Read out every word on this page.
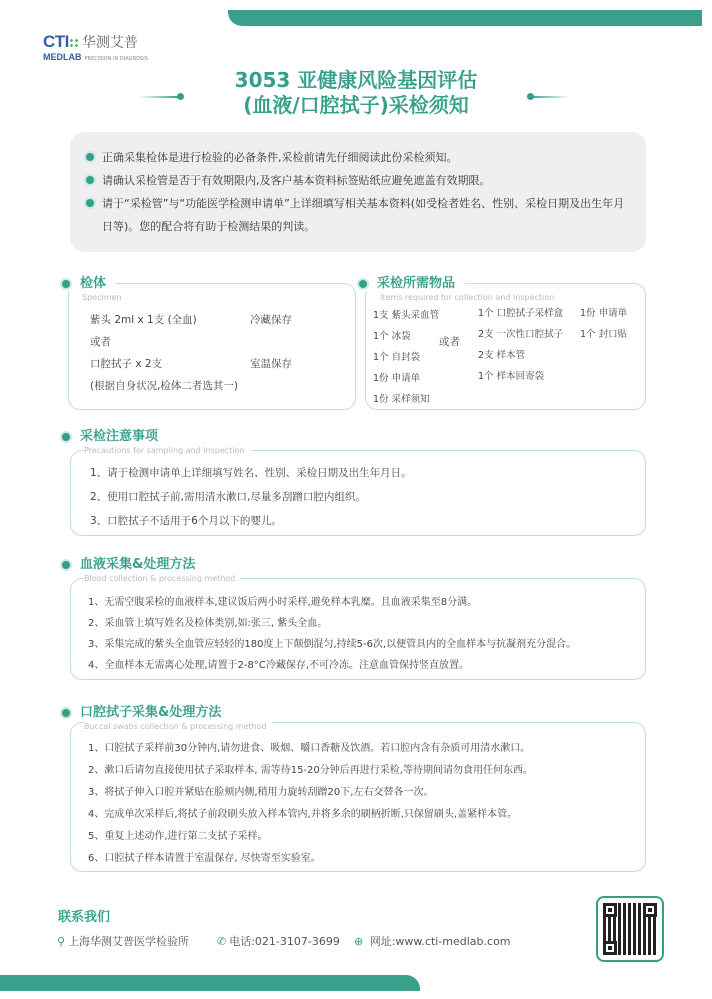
CTI 华测艾普
MEDLAB PRECISION IN DIAGNOSIS
3053 亚健康风险基因评估
(血液/口腔拭子)采检须知
正确采集检体是进行检验的必备条件,采检前请先仔细阅读此份采检须知。
请确认采检管是否于有效期限内,及客户基本资料标签贴纸应避免遮盖有效期限。
请于“采检管”与“功能医学检测申请单”上详细填写相关基本资料(如受检者姓名、性别、采检日期及出生年月日等)。您的配合将有助于检测结果的判读。
检体
Specimen
紫头 2ml x 1支 (全血)	冷藏保存
或者
口腔拭子 x 2支	室温保存
(根据自身状况,检体二者选其一)
采检所需物品
Items required for collection and inspection
1支 紫头采血管
1个 冰袋
1个 自封袋
1份 申请单
1份 采样须知
或者
1个 口腔拭子采样盒
2支 一次性口腔拭子
2支 样本管
1个 样本回寄袋
1份 申请单
1个 封口贴
采检注意事项
Precautions for sampling and inspection
1、请于检测申请单上详细填写姓名、性别、采检日期及出生年月日。
2、使用口腔拭子前,需用清水漱口,尽量多刮蹭口腔内组织。
3、口腔拭子不适用于6个月以下的婴儿。
血液采集&处理方法
Blood collection & processing method
1、无需空腹采检的血液样本,建议饭后两小时采样,避免样本乳糜。且血液采集至8分满。
2、采血管上填写姓名及检体类别,如:张三, 紫头全血。
3、采集完成的紫头全血管应轻轻的180度上下颠倒混匀,持续5-6次,以便管具内的全血样本与抗凝剂充分混合。
4、全血样本无需离心处理,请置于2-8°C冷藏保存,不可冷冻。注意血管保持竖直放置。
口腔拭子采集&处理方法
Buccal swabs collection & processing method
1、口腔拭子采样前30分钟内,请勿进食、吸烟、嚼口香糖及饮酒。若口腔内含有杂质可用清水漱口。
2、漱口后请勿直接使用拭子采取样本, 需等待15-20分钟后再进行采检,等待期间请勿食用任何东西。
3、将拭子伸入口腔并紧贴在脸颊内侧,稍用力旋转刮蹭20下,左右交替各一次。
4、完成单次采样后,将拭子前段刷头放入样本管内,并将多余的刷柄折断,只保留刷头,盖紧样本管。
5、重复上述动作,进行第二支拭子采样。
6、口腔拭子样本请置于室温保存, 尽快寄至实验室。
联系我们
⚲ 上海华测艾普医学检验所	✆ 电话:021-3107-3699 ⊕ 网址:www.cti-medlab.com
